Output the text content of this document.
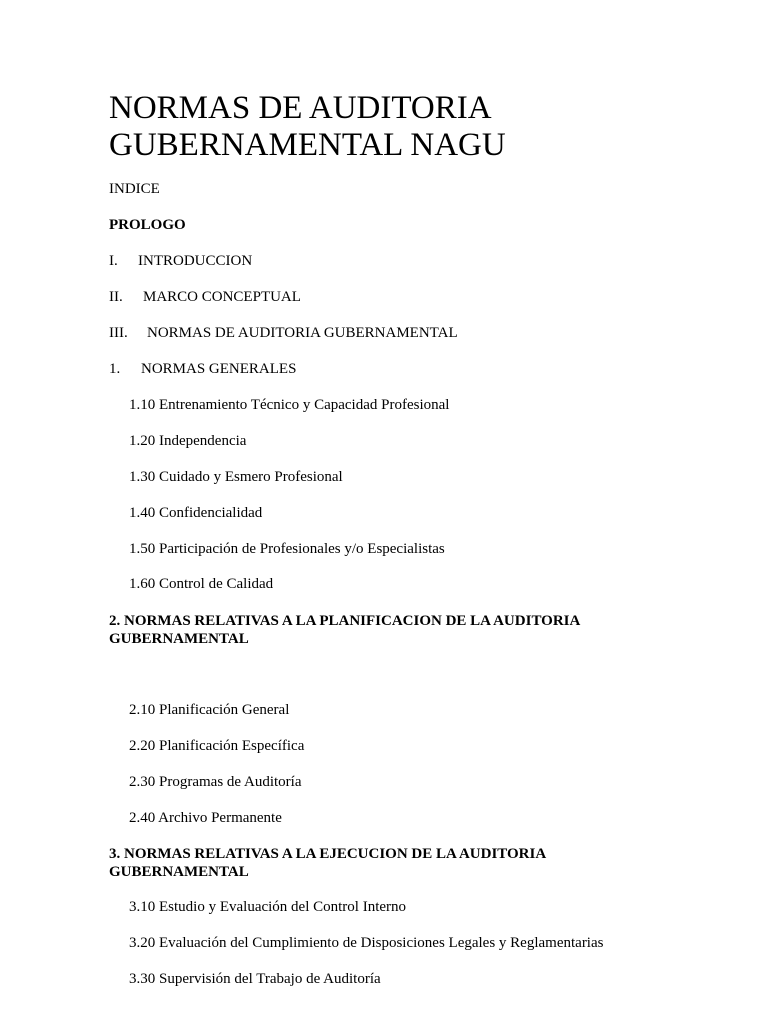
NORMAS DE AUDITORIA
GUBERNAMENTAL NAGU
INDICE
PROLOGO
I. INTRODUCCION
II. MARCO CONCEPTUAL
III. NORMAS DE AUDITORIA GUBERNAMENTAL
1. NORMAS GENERALES
1.10 Entrenamiento Técnico y Capacidad Profesional
1.20 Independencia
1.30 Cuidado y Esmero Profesional
1.40 Confidencialidad
1.50 Participación de Profesionales y/o Especialistas
1.60 Control de Calidad
2. NORMAS RELATIVAS A LA PLANIFICACION DE LA AUDITORIA
GUBERNAMENTAL
2.10 Planificación General
2.20 Planificación Específica
2.30 Programas de Auditoría
2.40 Archivo Permanente
3. NORMAS RELATIVAS A LA EJECUCION DE LA AUDITORIA
GUBERNAMENTAL
3.10 Estudio y Evaluación del Control Interno
3.20 Evaluación del Cumplimiento de Disposiciones Legales y Reglamentarias
3.30 Supervisión del Trabajo de Auditoría
